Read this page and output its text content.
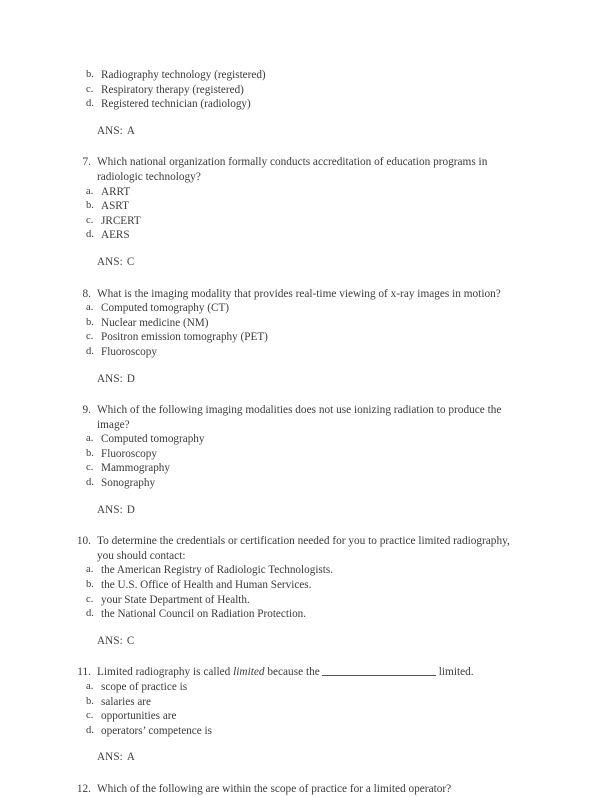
b. Radiography technology (registered)
c. Respiratory therapy (registered)
d. Registered technician (radiology)
ANS: A
7. Which national organization formally conducts accreditation of education programs in radiologic technology?
a. ARRT
b. ASRT
c. JRCERT
d. AERS
ANS: C
8. What is the imaging modality that provides real-time viewing of x-ray images in motion?
a. Computed tomography (CT)
b. Nuclear medicine (NM)
c. Positron emission tomography (PET)
d. Fluoroscopy
ANS: D
9. Which of the following imaging modalities does not use ionizing radiation to produce the image?
a. Computed tomography
b. Fluoroscopy
c. Mammography
d. Sonography
ANS: D
10. To determine the credentials or certification needed for you to practice limited radiography, you should contact:
a. the American Registry of Radiologic Technologists.
b. the U.S. Office of Health and Human Services.
c. your State Department of Health.
d. the National Council on Radiation Protection.
ANS: C
11. Limited radiography is called limited because the	limited.
a. scope of practice is
b. salaries are
c. opportunities are
d. operators’ competence is
ANS: A
12. Which of the following are within the scope of practice for a limited operator?
